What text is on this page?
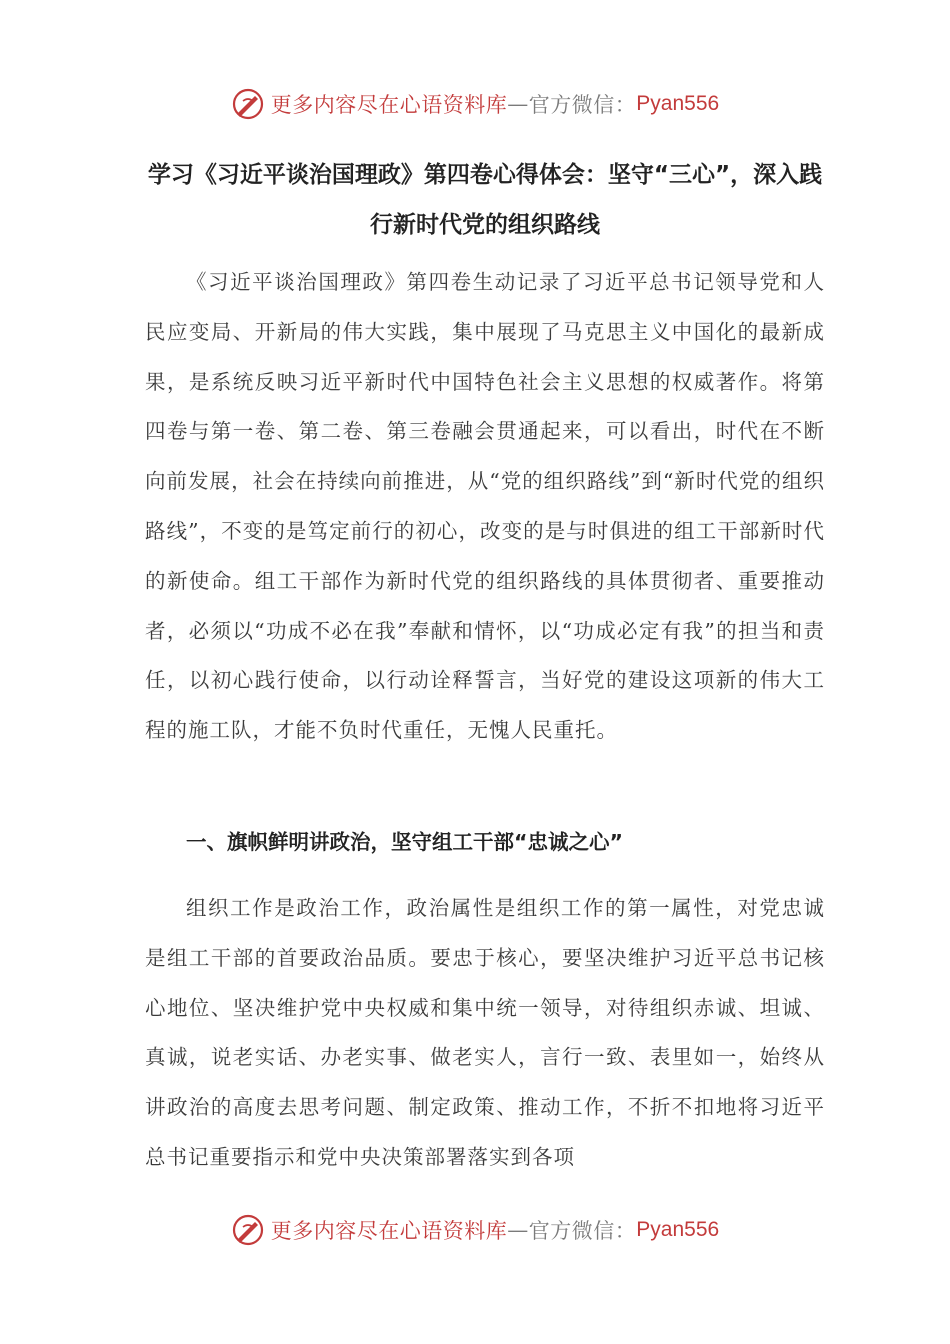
更多内容尽在心语资料库 — 官方微信： Pyan556
学习《习近平谈治国理政》第四卷心得体会：坚守“三心”，深入践行新时代党的组织路线
《习近平谈治国理政》第四卷生动记录了习近平总书记领导党和人民应变局、开新局的伟大实践，集中展现了马克思主义中国化的最新成果，是系统反映习近平新时代中国特色社会主义思想的权威著作。将第四卷与第一卷、第二卷、第三卷融会贯通起来，可以看出，时代在不断向前发展，社会在持续向前推进，从“党的组织路线”到“新时代党的组织路线”，不变的是笃定前行的初心，改变的是与时俱进的组工干部新时代的新使命。组工干部作为新时代党的组织路线的具体贯彻者、重要推动者，必须以“功成不必在我”奉献和情怀，以“功成必定有我”的担当和责任，以初心践行使命，以行动诠释誓言，当好党的建设这项新的伟大工程的施工队，才能不负时代重任，无愧人民重托。
一、旗帜鲜明讲政治，坚守组工干部“忠诚之心”
组织工作是政治工作，政治属性是组织工作的第一属性，对党忠诚是组工干部的首要政治品质。要忠于核心，要坚决维护习近平总书记核心地位、坚决维护党中央权威和集中统一领导，对待组织赤诚、坦诚、真诚，说老实话、办老实事、做老实人，言行一致、表里如一，始终从讲政治的高度去思考问题、制定政策、推动工作，不折不扣地将习近平总书记重要指示和党中央决策部署落实到各项
更多内容尽在心语资料库 — 官方微信： Pyan556
